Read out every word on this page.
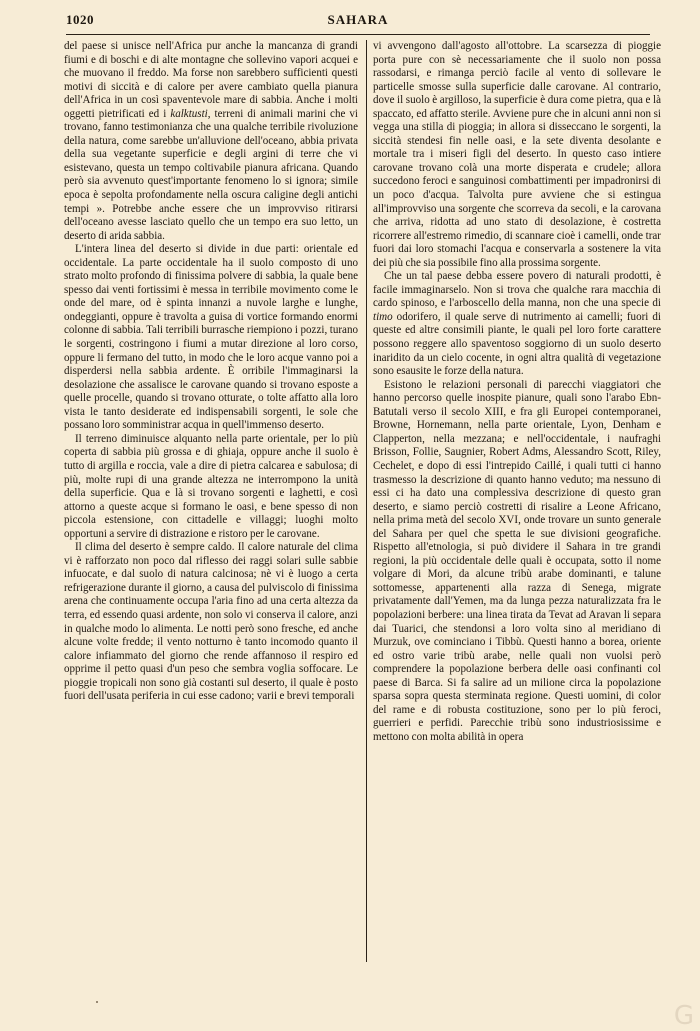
1020	SAHARA

del paese si unisce nell'Africa pur anche la mancanza di grandi fiumi e di boschi e di alte montagne che sollevino vapori acquei e che muovano il freddo. Ma forse non sarebbero sufficienti questi motivi di siccità e di calore per avere cambiato quella pianura dell'Africa in un così spaventevole mare di sabbia. Anche i molti oggetti pietrificati ed i kalktusti, terreni di animali marini che vi trovano, fanno testimonianza che una qualche terribile rivoluzione della natura, come sarebbe un'alluvione dell'oceano, abbia privata della sua vegetante superficie e degli argini di terre che vi esistevano, questa un tempo coltivabile pianura africana. Quando però sia avvenuto quest'importante fenomeno lo si ignora; simile epoca è sepolta profondamente nella oscura caligine degli antichi tempi ». Potrebbe anche essere che un improvviso ritirarsi dell'oceano avesse lasciato quello che un tempo era suo letto, un deserto di arida sabbia.

L'intera linea del deserto si divide in due parti: orientale ed occidentale. La parte occidentale ha il suolo composto di uno strato molto profondo di finissima polvere di sabbia, la quale bene spesso dai venti fortissimi è messa in terribile movimento come le onde del mare, od è spinta innanzi a nuvole larghe e lunghe, ondeggianti, oppure è travolta a guisa di vortice formando enormi colonne di sabbia. Tali terribili burrasche riempiono i pozzi, turano le sorgenti, costringono i fiumi a mutar direzione al loro corso, oppure li fermano del tutto, in modo che le loro acque vanno poi a disperdersi nella sabbia ardente. È orribile l'immaginarsi la desolazione che assalisce le carovane quando si trovano esposte a quelle procelle, quando si trovano otturate, o tolte affatto alla loro vista le tanto desiderate ed indispensabili sorgenti, le sole che possano loro somministrar acqua in quell'immenso deserto.

Il terreno diminuisce alquanto nella parte orientale, per lo più coperta di sabbia più grossa e di ghiaja, oppure anche il suolo è tutto di argilla e roccia, vale a dire di pietra calcarea e sabulosa; di più, molte rupi di una grande altezza ne interrompono la unità della superficie. Qua e là si trovano sorgenti e laghetti, e così attorno a queste acque si formano le oasi, e bene spesso di non piccola estensione, con cittadelle e villaggi; luoghi molto opportuni a servire di distrazione e ristoro per le carovane.

Il clima del deserto è sempre caldo. Il calore naturale del clima vi è rafforzato non poco dal riflesso dei raggi solari sulle sabbie infuocate, e dal suolo di natura calcinosa; nè vi è luogo a certa refrigerazione durante il giorno, a causa del pulviscolo di finissima arena che continuamente occupa l'aria fino ad una certa altezza da terra, ed essendo quasi ardente, non solo vi conserva il calore, anzi in qualche modo lo alimenta. Le notti però sono fresche, ed anche alcune volte fredde; il vento notturno è tanto incomodo quanto il calore infiammato del giorno che rende affannoso il respiro ed opprime il petto quasi d'un peso che sembra voglia soffocare. Le pioggie tropicali non sono già costanti sul deserto, il quale è posto fuori dell'usata periferia in cui esse cadono; varii e brevi temporali

vi avvengono dall'agosto all'ottobre. La scarsezza di pioggie porta pure con sè necessariamente che il suolo non possa rassodarsi, e rimanga perciò facile al vento di sollevare le particelle smosse sulla superficie dalle carovane. Al contrario, dove il suolo è argilloso, la superficie è dura come pietra, qua e là spaccato, ed affatto sterile. Avviene pure che in alcuni anni non si vegga una stilla di pioggia; in allora si disseccano le sorgenti, la siccità stendesi fin nelle oasi, e la sete diventa desolante e mortale tra i miseri figli del deserto. In questo caso intiere carovane trovano colà una morte disperata e crudele; allora succedono feroci e sanguinosi combattimenti per impadronirsi di un poco d'acqua. Talvolta pure avviene che si estingua all'improvviso una sorgente che scorreva da secoli, e la carovana che arriva, ridotta ad uno stato di desolazione, è costretta ricorrere all'estremo rimedio, di scannare cioè i camelli, onde trar fuori dai loro stomachi l'acqua e conservarla a sostenere la vita dei più che sia possibile fino alla prossima sorgente.

Che un tal paese debba essere povero di naturali prodotti, è facile immaginarselo. Non si trova che qualche rara macchia di cardo spinoso, e l'arboscello della manna, non che una specie di timo odorifero, il quale serve di nutrimento ai camelli; fuori di queste ed altre consimili piante, le quali pel loro forte carattere possono reggere allo spaventoso soggiorno di un suolo deserto inaridito da un cielo cocente, in ogni altra qualità di vegetazione sono esausite le forze della natura.

Esistono le relazioni personali di parecchi viaggiatori che hanno percorso quelle inospite pianure, quali sono l'arabo Ebn-Batutali verso il secolo XIII, e fra gli Europei contemporanei, Browne, Hornemann, nella parte orientale, Lyon, Denham e Clapperton, nella mezzana; e nell'occidentale, i naufraghi Brisson, Follie, Saugnier, Robert Adms, Alessandro Scott, Riley, Cechelet, e dopo di essi l'intrepido Caillé, i quali tutti ci hanno trasmesso la descrizione di quanto hanno veduto; ma nessuno di essi ci ha dato una complessiva descrizione di questo gran deserto, e siamo perciò costretti di risalire a Leone Africano, nella prima metà del secolo XVI, onde trovare un sunto generale del Sahara per quel che spetta le sue divisioni geografiche. Rispetto all'etnologia, si può dividere il Sahara in tre grandi regioni, la più occidentale delle quali è occupata, sotto il nome volgare di Mori, da alcune tribù arabe dominanti, e talune sottomesse, appartenenti alla razza di Senega, migrate privatamente dall'Yemen, ma da lunga pezza naturalizzata fra le popolazioni berbere: una linea tirata da Tevat ad Aravan li separa dai Tuarici, che stendonsi a loro volta sino al meridiano di Murzuk, ove cominciano i Tibbù. Questi hanno a borea, oriente ed ostro varie tribù arabe, nelle quali non vuolsi però comprendere la popolazione berbera delle oasi confinanti col paese di Barca. Si fa salire ad un milione circa la popolazione sparsa sopra questa sterminata regione. Questi uomini, di color del rame e di robusta costituzione, sono per lo più feroci, guerrieri e perfidi. Parecchie tribù sono industriosissime e mettono con molta abilità in opera

G
